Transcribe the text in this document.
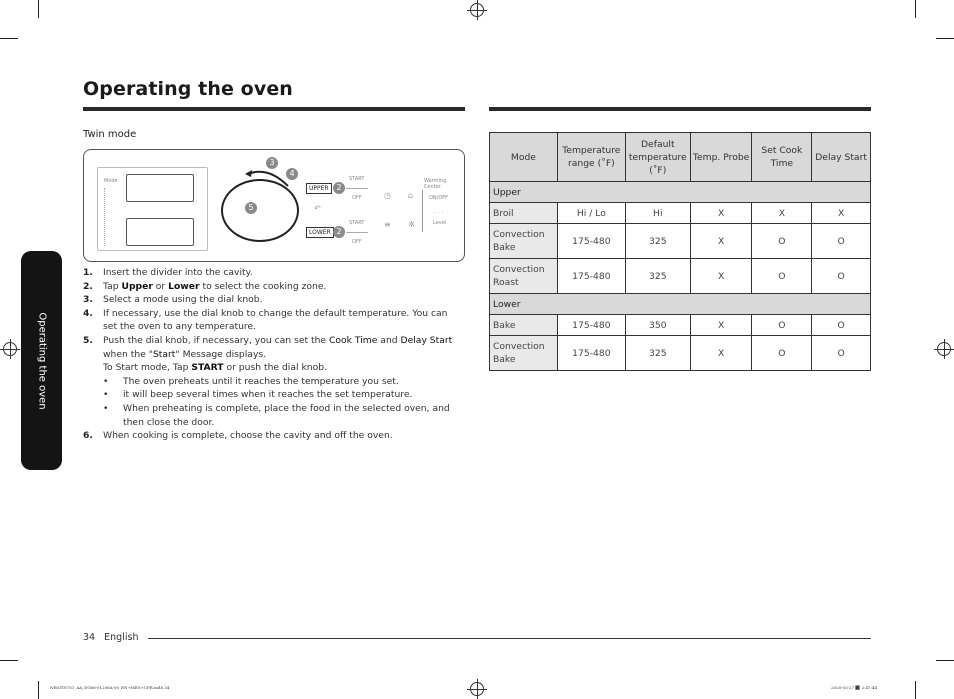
Operating the oven
Operating the oven
Twin mode
Mode
3
4
5
UPPER 2
LOWER 2
↶
START
OFF
START
OFF
◷ ⌂
≡ ✲
Warming Center
ON/OFF
. . .
Level
1. Insert the divider into the cavity.
2. Tap Upper or Lower to select the cooking zone.
3. Select a mode using the dial knob.
4. If necessary, use the dial knob to change the default temperature. You can set the oven to any temperature.
5. Push the dial knob, if necessary, you can set the Cook Time and Delay Start when the "Start" Message displays.
To Start mode, Tap START or push the dial knob.
• The oven preheats until it reaches the temperature you set.
• it will beep several times when it reaches the set temperature.
• When preheating is complete, place the food in the selected oven, and then close the door.
6. When cooking is complete, choose the cavity and off the oven.
Mode	Temperature range (˚F)	Default temperature (˚F)	Temp. Probe	Set Cook Time	Delay Start
Upper					
Broil	Hi / Lo	Hi	X	X	X
Convection Bake	175-480	325	X	O	O
Convection Roast	175-480	325	X	O	O
Lower					
Bake	175-480	350	X	O	O
Convection Bake	175-480	325	X	O	O
34 English
NE63T8751_AA_DG68-01208A-00_EN+MES+CFR.indb 34	2020-03-27 ⬛ 2:47:44
